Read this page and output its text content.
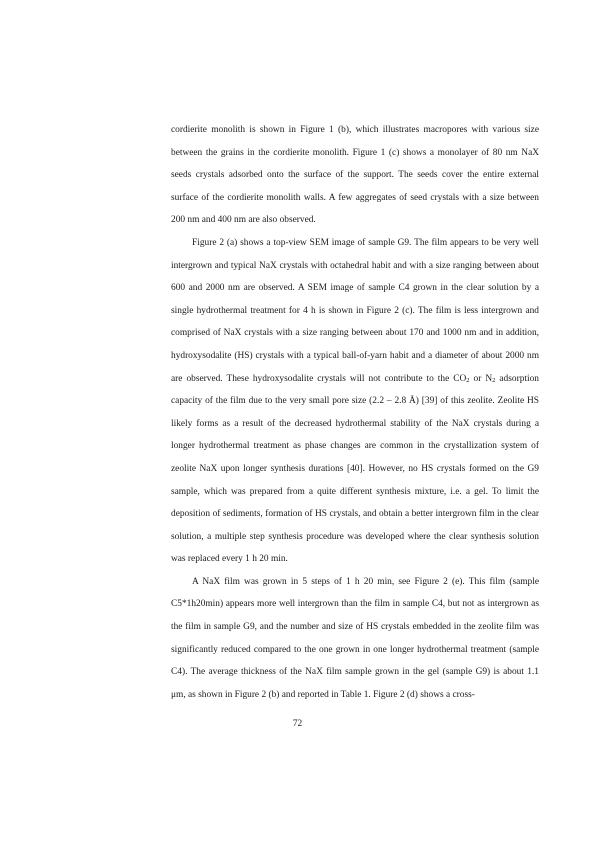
cordierite monolith is shown in Figure 1 (b), which illustrates macropores with various size between the grains in the cordierite monolith. Figure 1 (c) shows a monolayer of 80 nm NaX seeds crystals adsorbed onto the surface of the support. The seeds cover the entire external surface of the cordierite monolith walls. A few aggregates of seed crystals with a size between 200 nm and 400 nm are also observed.

Figure 2 (a) shows a top-view SEM image of sample G9. The film appears to be very well intergrown and typical NaX crystals with octahedral habit and with a size ranging between about 600 and 2000 nm are observed. A SEM image of sample C4 grown in the clear solution by a single hydrothermal treatment for 4 h is shown in Figure 2 (c). The film is less intergrown and comprised of NaX crystals with a size ranging between about 170 and 1000 nm and in addition, hydroxysodalite (HS) crystals with a typical ball-of-yarn habit and a diameter of about 2000 nm are observed. These hydroxysodalite crystals will not contribute to the $CO_2$ or $N_2$ adsorption capacity of the film due to the very small pore size (2.2 – 2.8 Å) [39] of this zeolite. Zeolite HS likely forms as a result of the decreased hydrothermal stability of the NaX crystals during a longer hydrothermal treatment as phase changes are common in the crystallization system of zeolite NaX upon longer synthesis durations [40]. However, no HS crystals formed on the G9 sample, which was prepared from a quite different synthesis mixture, i.e. a gel. To limit the deposition of sediments, formation of HS crystals, and obtain a better intergrown film in the clear solution, a multiple step synthesis procedure was developed where the clear synthesis solution was replaced every 1 h 20 min.

A NaX film was grown in 5 steps of 1 h 20 min, see Figure 2 (e). This film (sample C5*1h20min) appears more well intergrown than the film in sample C4, but not as intergrown as the film in sample G9, and the number and size of HS crystals embedded in the zeolite film was significantly reduced compared to the one grown in one longer hydrothermal treatment (sample C4). The average thickness of the NaX film sample grown in the gel (sample G9) is about 1.1 μm, as shown in Figure 2 (b) and reported in Table 1. Figure 2 (d) shows a cross-

72
